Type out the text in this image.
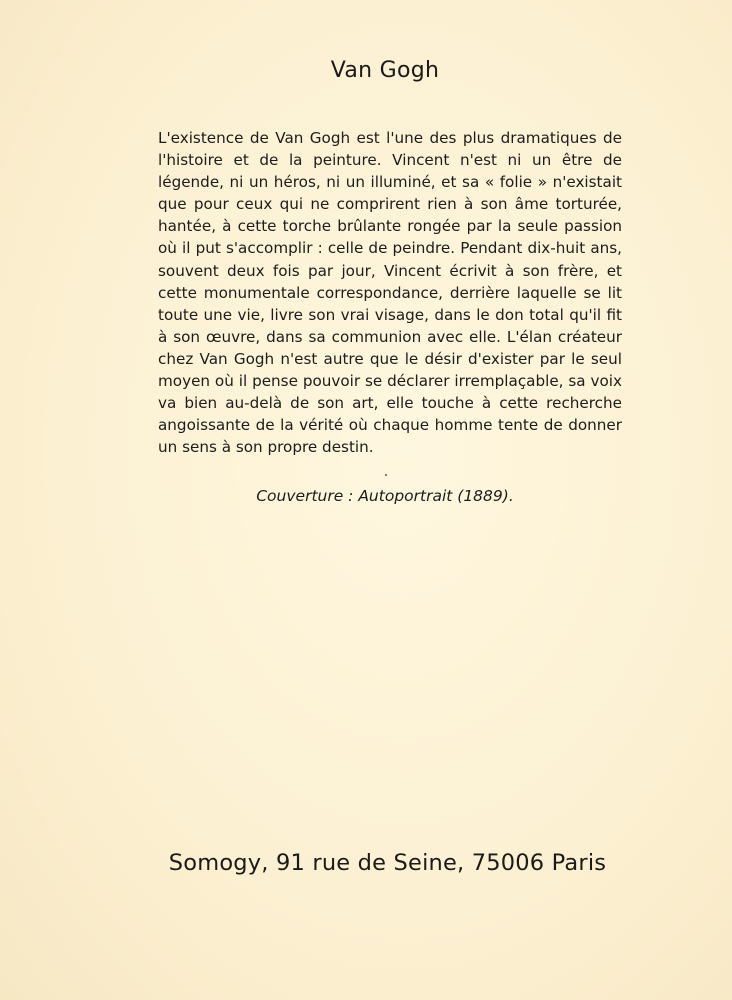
Van Gogh

L'existence de Van Gogh est l'une des plus dramatiques de l'histoire et de la peinture. Vincent n'est ni un être de légende, ni un héros, ni un illuminé, et sa « folie » n'existait que pour ceux qui ne comprirent rien à son âme torturée, hantée, à cette torche brûlante rongée par la seule passion où il put s'accomplir : celle de peindre. Pendant dix-huit ans, souvent deux fois par jour, Vincent écrivit à son frère, et cette monumentale correspondance, derrière laquelle se lit toute une vie, livre son vrai visage, dans le don total qu'il fit à son œuvre, dans sa communion avec elle. L'élan créateur chez Van Gogh n'est autre que le désir d'exister par le seul moyen où il pense pouvoir se déclarer irremplaçable, sa voix va bien au-delà de son art, elle touche à cette recherche angoissante de la vérité où chaque homme tente de donner un sens à son propre destin.

Couverture : Autoportrait (1889).

Somogy, 91 rue de Seine, 75006 Paris
